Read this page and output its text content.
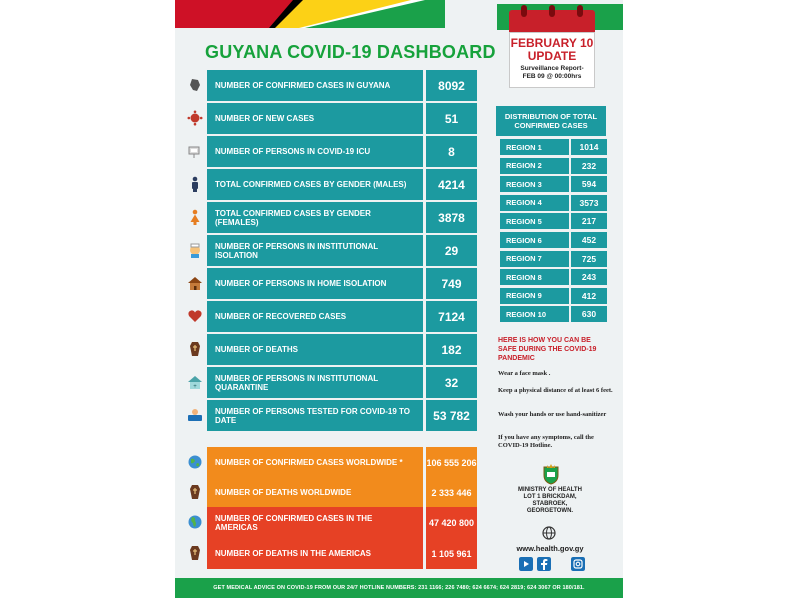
GUYANA COVID-19 DASHBOARD FEBRUARY 10
UPDATE
Surveillance Report-
FEB 09 @ 00:00hrs
NUMBER OF CONFIRMED CASES IN GUYANA	8092
NUMBER OF NEW CASES	51
NUMBER OF PERSONS IN COVID-19 ICU	8
TOTAL CONFIRMED CASES BY GENDER (MALES)	4214
TOTAL CONFIRMED CASES BY GENDER (FEMALES)	3878
NUMBER OF PERSONS IN INSTITUTIONAL ISOLATION	29
NUMBER OF PERSONS IN HOME ISOLATION	749
NUMBER OF RECOVERED CASES	7124
NUMBER OF DEATHS	182
+
NUMBER OF PERSONS IN INSTITUTIONAL QUARANTINE	32
NUMBER OF PERSONS TESTED FOR COVID-19 TO DATE	53 782
NUMBER OF CONFIRMED CASES WORLDWIDE *	106 555 206
NUMBER OF DEATHS WORLDWIDE	2 333 446
NUMBER OF CONFIRMED CASES IN THE AMERICAS	47 420 800
NUMBER OF DEATHS IN THE AMERICAS	1 105 961
DISTRIBUTION OF TOTAL CONFIRMED CASES
REGION 1	1014
REGION 2	232
REGION 3	594
REGION 4	3573
REGION 5	217
REGION 6	452
REGION 7	725
REGION 8	243
REGION 9	412
REGION 10	630
HERE IS HOW YOU CAN BE SAFE DURING THE COVID-19 PANDEMIC
Wear a face mask .
Keep a physical distance of at least 6 feet.
Wash your hands or use hand-sanitizer
If you have any symptoms, call the COVID-19 Hotline.
MINISTRY OF HEALTH
LOT 1 BRICKDAM,
STABROEK,
GEORGETOWN.
www.health.gov.gy
GET MEDICAL ADVICE ON COVID-19 FROM OUR 24/7 HOTLINE NUMBERS: 231 1166; 226 7480; 624 6674; 624 2819; 624 3067 OR 180/181.
